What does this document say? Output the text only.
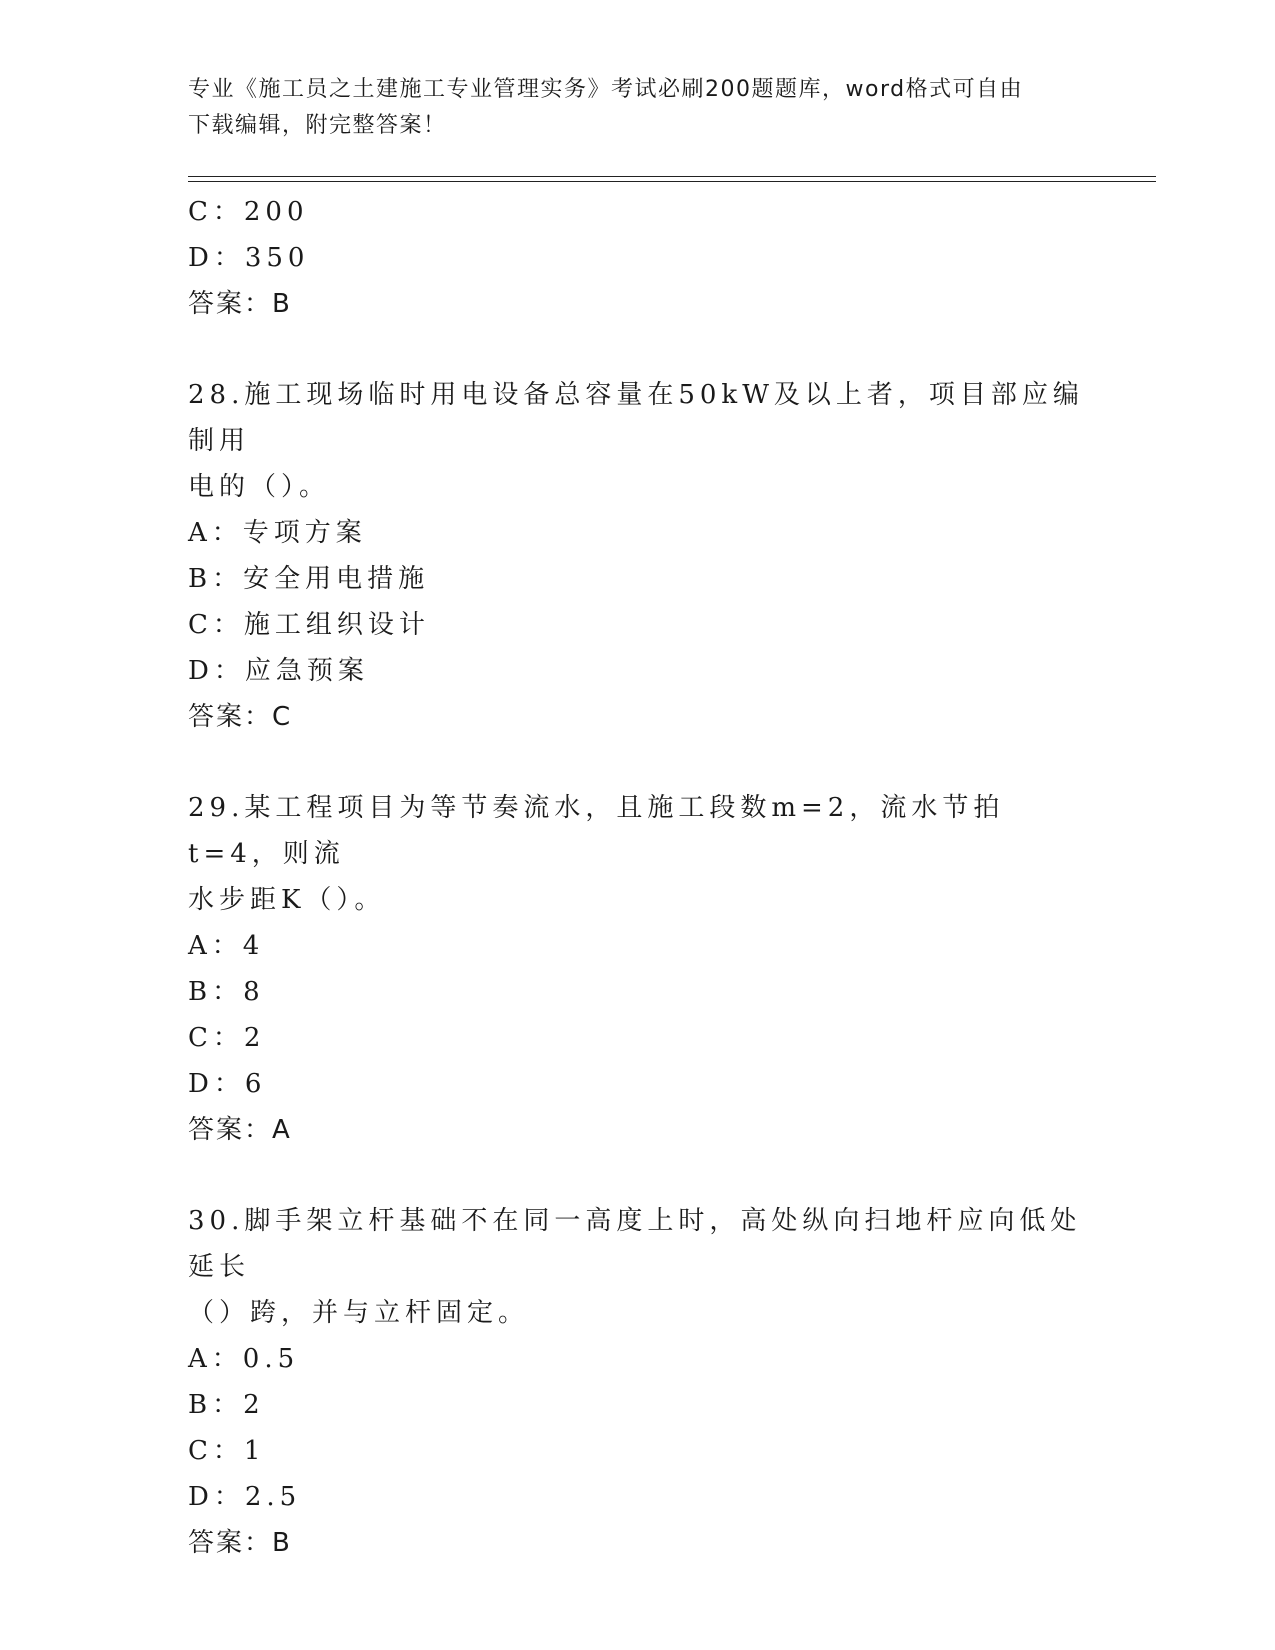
专业《施工员之土建施工专业管理实务》考试必刷200题题库，word格式可自由
下载编辑，附完整答案！
C：200
D：350
答案：B
28.施工现场临时用电设备总容量在50kW及以上者，项目部应编制用
电的（）。
A：专项方案
B：安全用电措施
C：施工组织设计
D：应急预案
答案：C
29.某工程项目为等节奏流水，且施工段数m=2，流水节拍t=4，则流
水步距K（）。
A：4
B：8
C：2
D：6
答案：A
30.脚手架立杆基础不在同一高度上时，高处纵向扫地杆应向低处延长
（）跨，并与立杆固定。
A：0.5
B：2
C：1
D：2.5
答案：B
